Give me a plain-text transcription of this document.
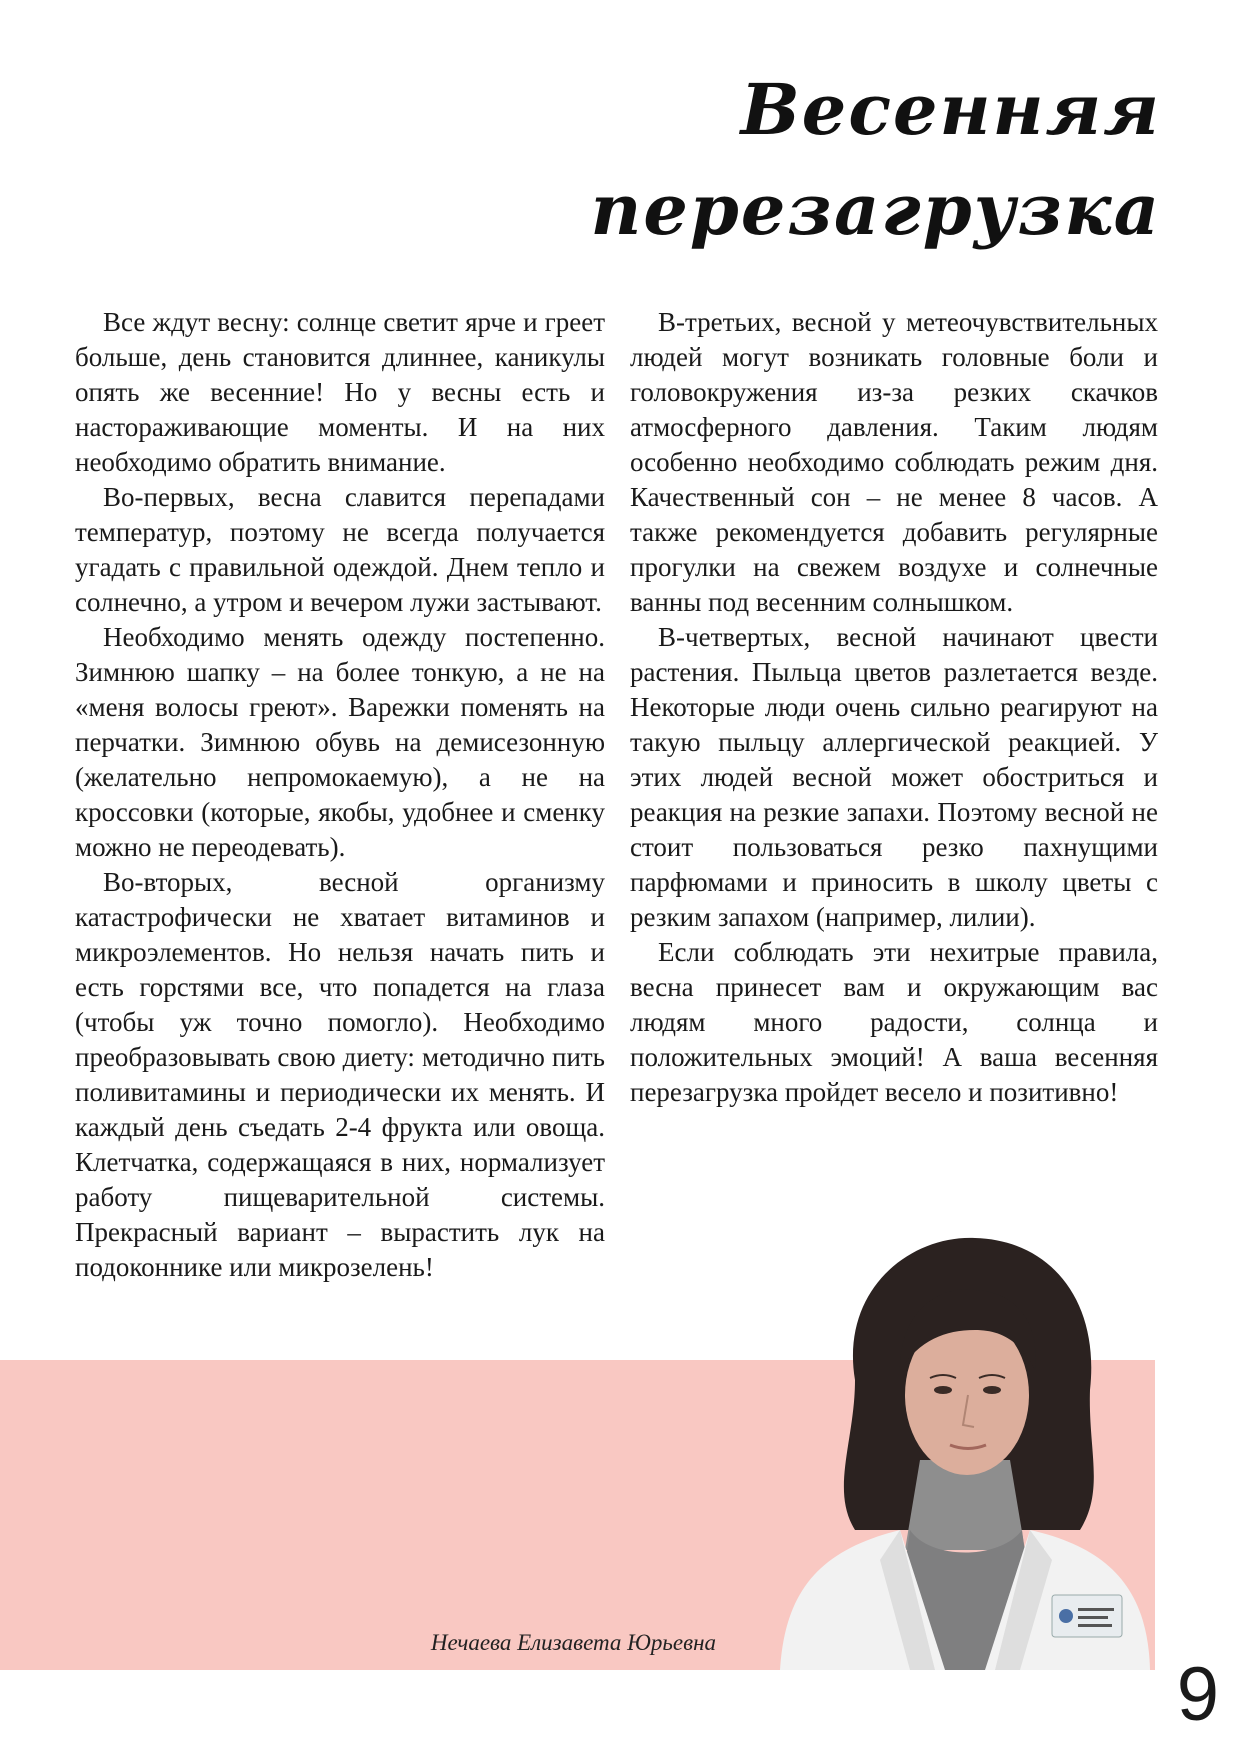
Весенняя
перезагрузка

Все ждут весну: солнце светит ярче и греет больше, день становится длиннее, каникулы опять же весенние! Но у весны есть и настораживающие моменты. И на них необходимо обратить внимание.

Во-первых, весна славится перепадами температур, поэтому не всегда получается угадать с правильной одеждой. Днем тепло и солнечно, а утром и вечером лужи застывают.

Необходимо менять одежду постепенно. Зимнюю шапку – на более тонкую, а не на «меня волосы греют». Варежки поменять на перчатки. Зимнюю обувь на демисезонную (желательно непромокаемую), а не на кроссовки (которые, якобы, удобнее и сменку можно не переодевать).

Во-вторых, весной организму катастрофически не хватает витаминов и микроэлементов. Но нельзя начать пить и есть горстями все, что попадется на глаза (чтобы уж точно помогло). Необходимо преобразовывать свою диету: методично пить поливитамины и периодически их менять. И каждый день съедать 2-4 фрукта или овоща. Клетчатка, содержащаяся в них, нормализует работу пищеварительной системы. Прекрасный вариант – вырастить лук на подоконнике или микрозелень!

В-третьих, весной у метеочувствительных людей могут возникать головные боли и головокружения из-за резких скачков атмосферного давления. Таким людям особенно необходимо соблюдать режим дня. Качественный сон – не менее 8 часов. А также рекомендуется добавить регулярные прогулки на свежем воздухе и солнечные ванны под весенним солнышком.

В-четвертых, весной начинают цвести растения. Пыльца цветов разлетается везде. Некоторые люди очень сильно реагируют на такую пыльцу аллергической реакцией. У этих людей весной может обостриться и реакция на резкие запахи. Поэтому весной не стоит пользоваться резко пахнущими парфюмами и приносить в школу цветы с резким запахом (например, лилии).

Если соблюдать эти нехитрые правила, весна принесет вам и окружающим вас людям много радости, солнца и положительных эмоций! А ваша весенняя перезагрузка пройдет весело и позитивно!

Нечаева Елизавета Юрьевна
9
